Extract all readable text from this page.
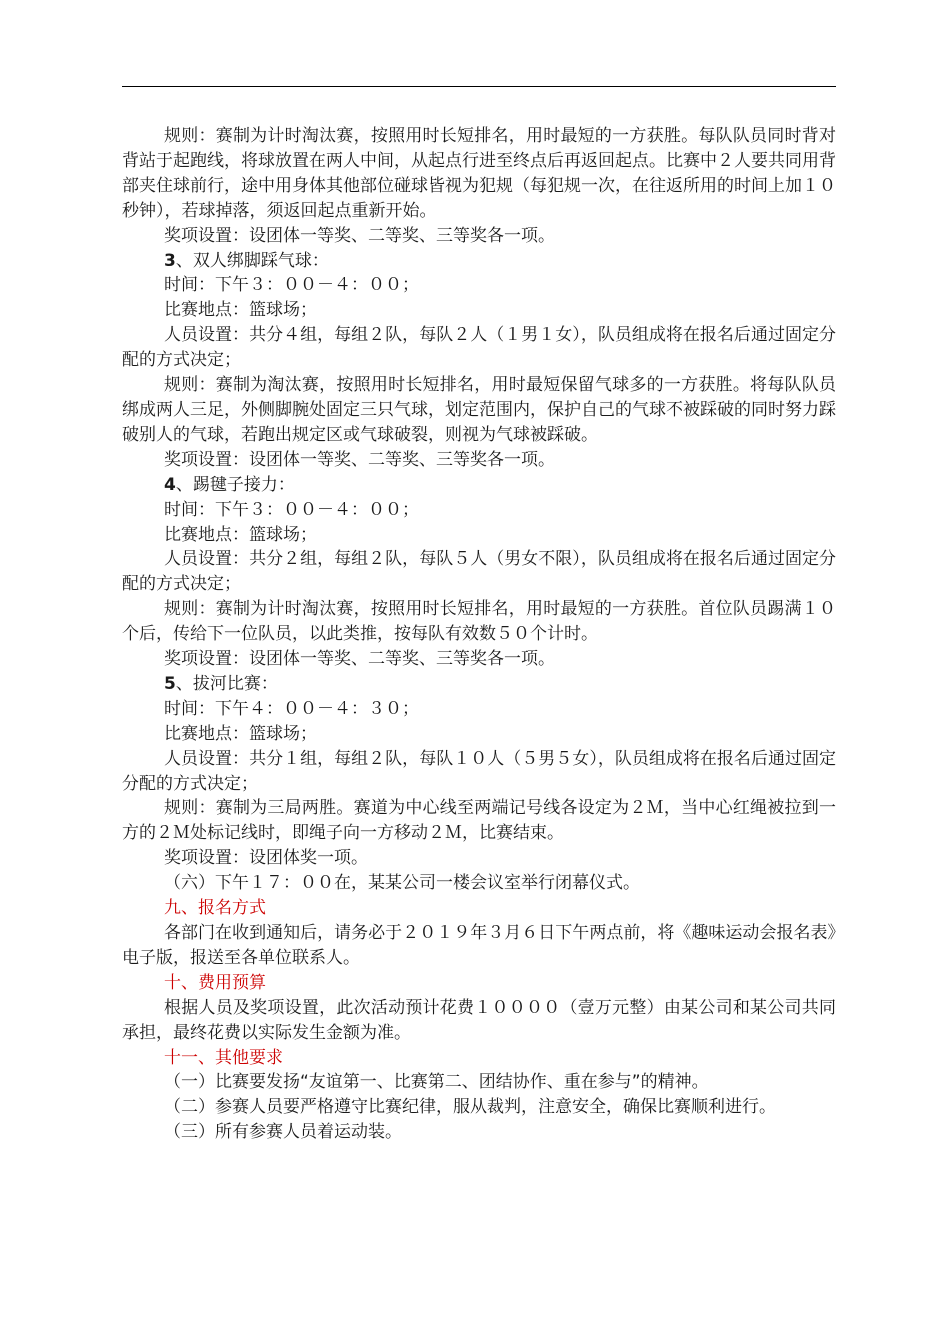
规则：赛制为计时淘汰赛，按照用时长短排名，用时最短的一方获胜。每队队员同时背对背站于起跑线，将球放置在两人中间，从起点行进至终点后再返回起点。比赛中２人要共同用背部夹住球前行，途中用身体其他部位碰球皆视为犯规（每犯规一次，在往返所用的时间上加１０秒钟），若球掉落，须返回起点重新开始。

奖项设置：设团体一等奖、二等奖、三等奖各一项。

3、双人绑脚踩气球：

时间：下午３：００－４：００；

比赛地点：篮球场；

人员设置：共分４组，每组２队，每队２人（１男１女），队员组成将在报名后通过固定分配的方式决定；

规则：赛制为淘汰赛，按照用时长短排名，用时最短保留气球多的一方获胜。将每队队员绑成两人三足，外侧脚腕处固定三只气球，划定范围内，保护自己的气球不被踩破的同时努力踩破别人的气球，若跑出规定区或气球破裂，则视为气球被踩破。

奖项设置：设团体一等奖、二等奖、三等奖各一项。

4、踢毽子接力：

时间：下午３：００－４：００；

比赛地点：篮球场；

人员设置：共分２组，每组２队，每队５人（男女不限），队员组成将在报名后通过固定分配的方式决定；

规则：赛制为计时淘汰赛，按照用时长短排名，用时最短的一方获胜。首位队员踢满１０个后，传给下一位队员，以此类推，按每队有效数５０个计时。

奖项设置：设团体一等奖、二等奖、三等奖各一项。

5、拔河比赛：

时间：下午４：００－４：３０；

比赛地点：篮球场；

人员设置：共分１组，每组２队，每队１０人（５男５女），队员组成将在报名后通过固定分配的方式决定；

规则：赛制为三局两胜。赛道为中心线至两端记号线各设定为２Ｍ，当中心红绳被拉到一方的２Ｍ处标记线时，即绳子向一方移动２Ｍ，比赛结束。

奖项设置：设团体奖一项。

（六）下午１７：００在，某某公司一楼会议室举行闭幕仪式。

九、报名方式

各部门在收到通知后，请务必于２０１９年３月６日下午两点前，将《趣味运动会报名表》电子版，报送至各单位联系人。

十、费用预算

根据人员及奖项设置，此次活动预计花费１００００（壹万元整）由某公司和某公司共同承担，最终花费以实际发生金额为准。

十一、其他要求

（一）比赛要发扬“友谊第一、比赛第二、团结协作、重在参与”的精神。

（二）参赛人员要严格遵守比赛纪律，服从裁判，注意安全，确保比赛顺利进行。

（三）所有参赛人员着运动装。
